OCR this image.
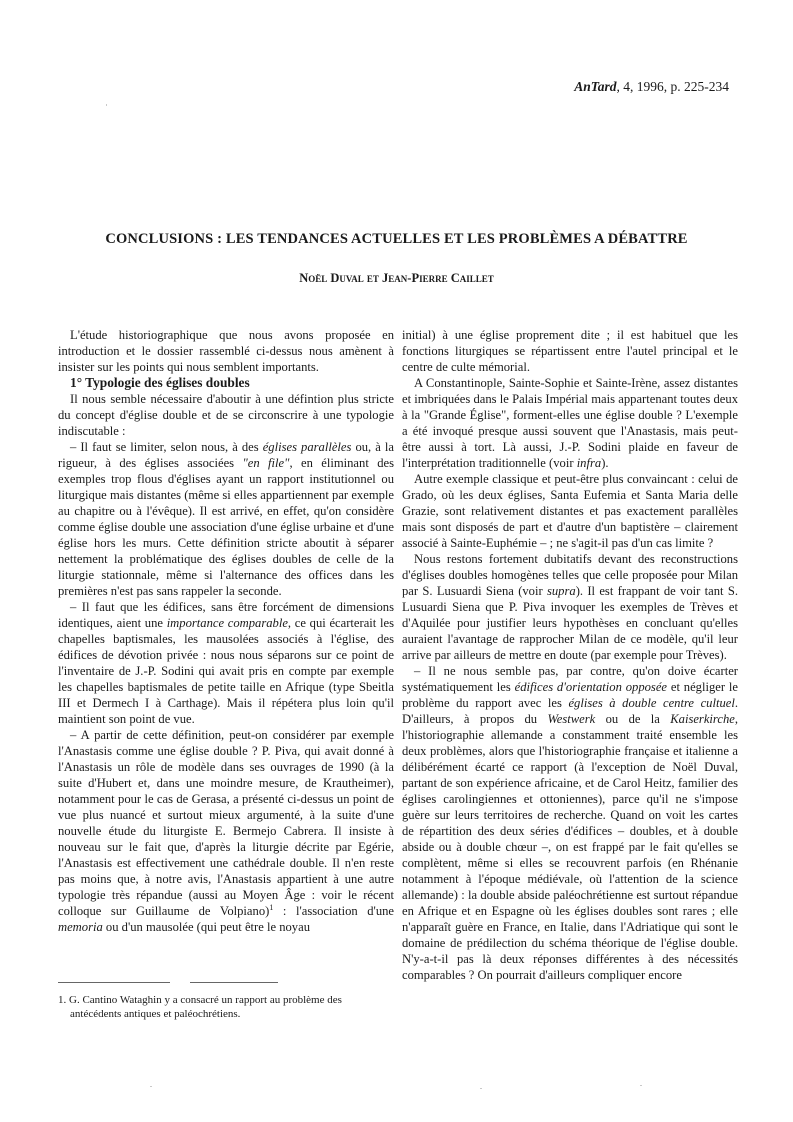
AnTard, 4, 1996, p. 225-234
CONCLUSIONS : LES TENDANCES ACTUELLES ET LES PROBLÈMES A DÉBATTRE
Noël Duval et Jean-Pierre Caillet

L'étude historiographique que nous avons proposée en introduction et le dossier rassemblé ci-dessus nous amènent à insister sur les points qui nous semblent importants.

1° Typologie des églises doubles

Il nous semble nécessaire d'aboutir à une défintion plus stricte du concept d'église double et de se circonscrire à une typologie indiscutable :

– Il faut se limiter, selon nous, à des églises parallèles ou, à la rigueur, à des églises associées "en file", en éliminant des exemples trop flous d'églises ayant un rapport institutionnel ou liturgique mais distantes (même si elles appartiennent par exemple au chapitre ou à l'évêque). Il est arrivé, en effet, qu'on considère comme église double une association d'une église urbaine et d'une église hors les murs. Cette définition stricte aboutit à séparer nettement la problématique des églises doubles de celle de la liturgie stationnale, même si l'alternance des offices dans les premières n'est pas sans rappeler la seconde.

– Il faut que les édifices, sans être forcément de dimensions identiques, aient une importance comparable, ce qui écarterait les chapelles baptismales, les mausolées associés à l'église, des édifices de dévotion privée : nous nous séparons sur ce point de l'inventaire de J.-P. Sodini qui avait pris en compte par exemple les chapelles baptismales de petite taille en Afrique (type Sbeitla III et Dermech I à Carthage). Mais il répétera plus loin qu'il maintient son point de vue.

– A partir de cette définition, peut-on considérer par exemple l'Anastasis comme une église double ? P. Piva, qui avait donné à l'Anastasis un rôle de modèle dans ses ouvrages de 1990 (à la suite d'Hubert et, dans une moindre mesure, de Krautheimer), notamment pour le cas de Gerasa, a présenté ci-dessus un point de vue plus nuancé et surtout mieux argumenté, à la suite d'une nouvelle étude du liturgiste E. Bermejo Cabrera. Il insiste à nouveau sur le fait que, d'après la liturgie décrite par Egérie, l'Anastasis est effectivement une cathédrale double. Il n'en reste pas moins que, à notre avis, l'Anastasis appartient à une autre typologie très répandue (aussi au Moyen Âge : voir le récent colloque sur Guillaume de Volpiano)$^1$ : l'association d'une memoria ou d'un mausolée (qui peut être le noyau

initial) à une église proprement dite ; il est habituel que les fonctions liturgiques se répartissent entre l'autel principal et le centre de culte mémorial.

A Constantinople, Sainte-Sophie et Sainte-Irène, assez distantes et imbriquées dans le Palais Impérial mais appartenant toutes deux à la "Grande Église", forment-elles une église double ? L'exemple a été invoqué presque aussi souvent que l'Anastasis, mais peut-être aussi à tort. Là aussi, J.-P. Sodini plaide en faveur de l'interprétation traditionnelle (voir infra).

Autre exemple classique et peut-être plus convaincant : celui de Grado, où les deux églises, Santa Eufemia et Santa Maria delle Grazie, sont relativement distantes et pas exactement parallèles mais sont disposés de part et d'autre d'un baptistère – clairement associé à Sainte-Euphémie – ; ne s'agit-il pas d'un cas limite ?

Nous restons fortement dubitatifs devant des reconstructions d'églises doubles homogènes telles que celle proposée pour Milan par S. Lusuardi Siena (voir supra). Il est frappant de voir tant S. Lusuardi Siena que P. Piva invoquer les exemples de Trèves et d'Aquilée pour justifier leurs hypothèses en concluant qu'elles auraient l'avantage de rapprocher Milan de ce modèle, qu'il leur arrive par ailleurs de mettre en doute (par exemple pour Trèves).

– Il ne nous semble pas, par contre, qu'on doive écarter systématiquement les édifices d'orientation opposée et négliger le problème du rapport avec les églises à double centre cultuel. D'ailleurs, à propos du Westwerk ou de la Kaiserkirche, l'historiographie allemande a constamment traité ensemble les deux problèmes, alors que l'historiographie française et italienne a délibérément écarté ce rapport (à l'exception de Noël Duval, partant de son expérience africaine, et de Carol Heitz, familier des églises carolingiennes et ottoniennes), parce qu'il ne s'impose guère sur leurs territoires de recherche. Quand on voit les cartes de répartition des deux séries d'édifices – doubles, et à double abside ou à double chœur –, on est frappé par le fait qu'elles se complètent, même si elles se recouvrent parfois (en Rhénanie notamment à l'époque médiévale, où l'attention de la science allemande) : la double abside paléochrétienne est surtout répandue en Afrique et en Espagne où les églises doubles sont rares ; elle n'apparaît guère en France, en Italie, dans l'Adriatique qui sont le domaine de prédilection du schéma théorique de l'église double. N'y-a-t-il pas là deux réponses différentes à des nécessités comparables ? On pourrait d'ailleurs compliquer encore

1. G. Cantino Wataghin y a consacré un rapport au problème des
antécédents antiques et paléochrétiens.
